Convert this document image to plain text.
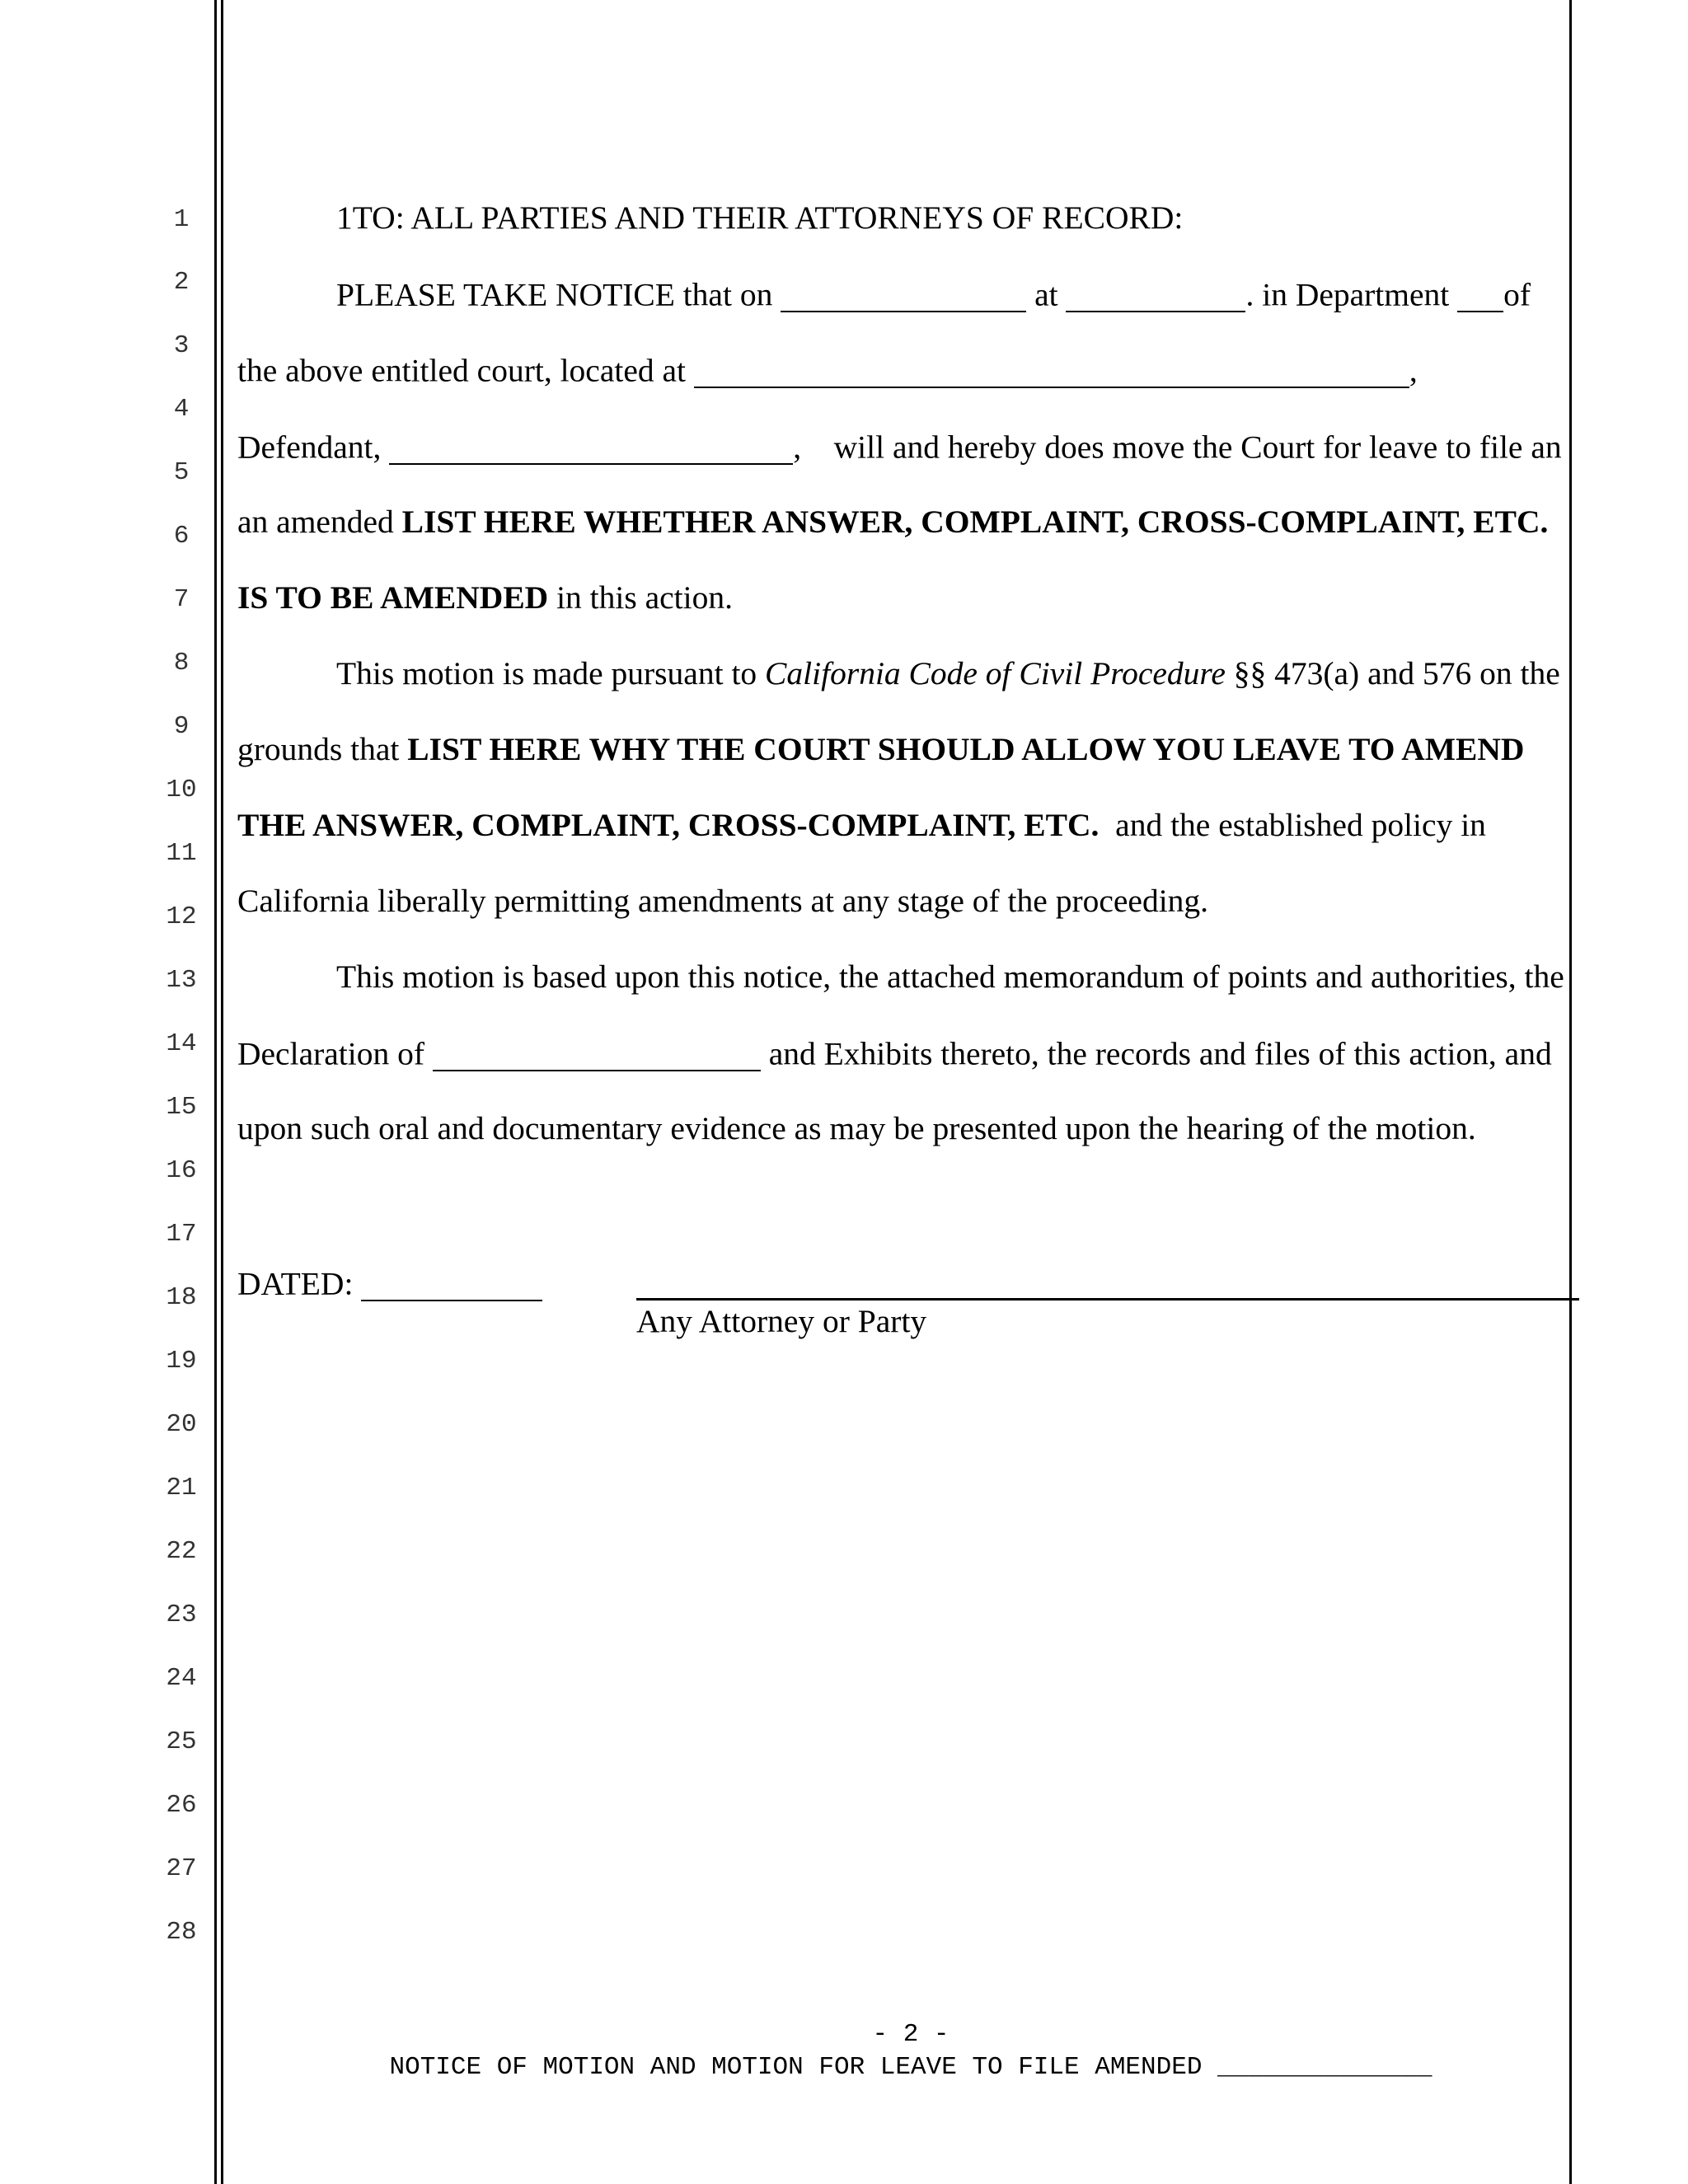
1
2
3
4
5
6
7
8
9
10
11
12
13
14
15
16
17
18
19
20
21
22
23
24
25
26
27
28
1TO: ALL PARTIES AND THEIR ATTORNEYS OF RECORD:
PLEASE TAKE NOTICE that on	at	. in Department of
the above entitled court, located at	,
Defendant,	, will and hereby does move the Court for leave to file an
an amended LIST HERE WHETHER ANSWER, COMPLAINT, CROSS-COMPLAINT, ETC.
IS TO BE AMENDED in this action.
This motion is made pursuant to California Code of Civil Procedure §§ 473(a) and 576 on the
grounds that LIST HERE WHY THE COURT SHOULD ALLOW YOU LEAVE TO AMEND
THE ANSWER, COMPLAINT, CROSS-COMPLAINT, ETC.  and the established policy in
California liberally permitting amendments at any stage of the proceeding.
This motion is based upon this notice, the attached memorandum of points and authorities, the
Declaration of	and Exhibits thereto, the records and files of this action, and
upon such oral and documentary evidence as may be presented upon the hearing of the motion.
DATED:
Any Attorney or Party
- 2 -
NOTICE OF MOTION AND MOTION FOR LEAVE TO FILE AMENDED ______________
